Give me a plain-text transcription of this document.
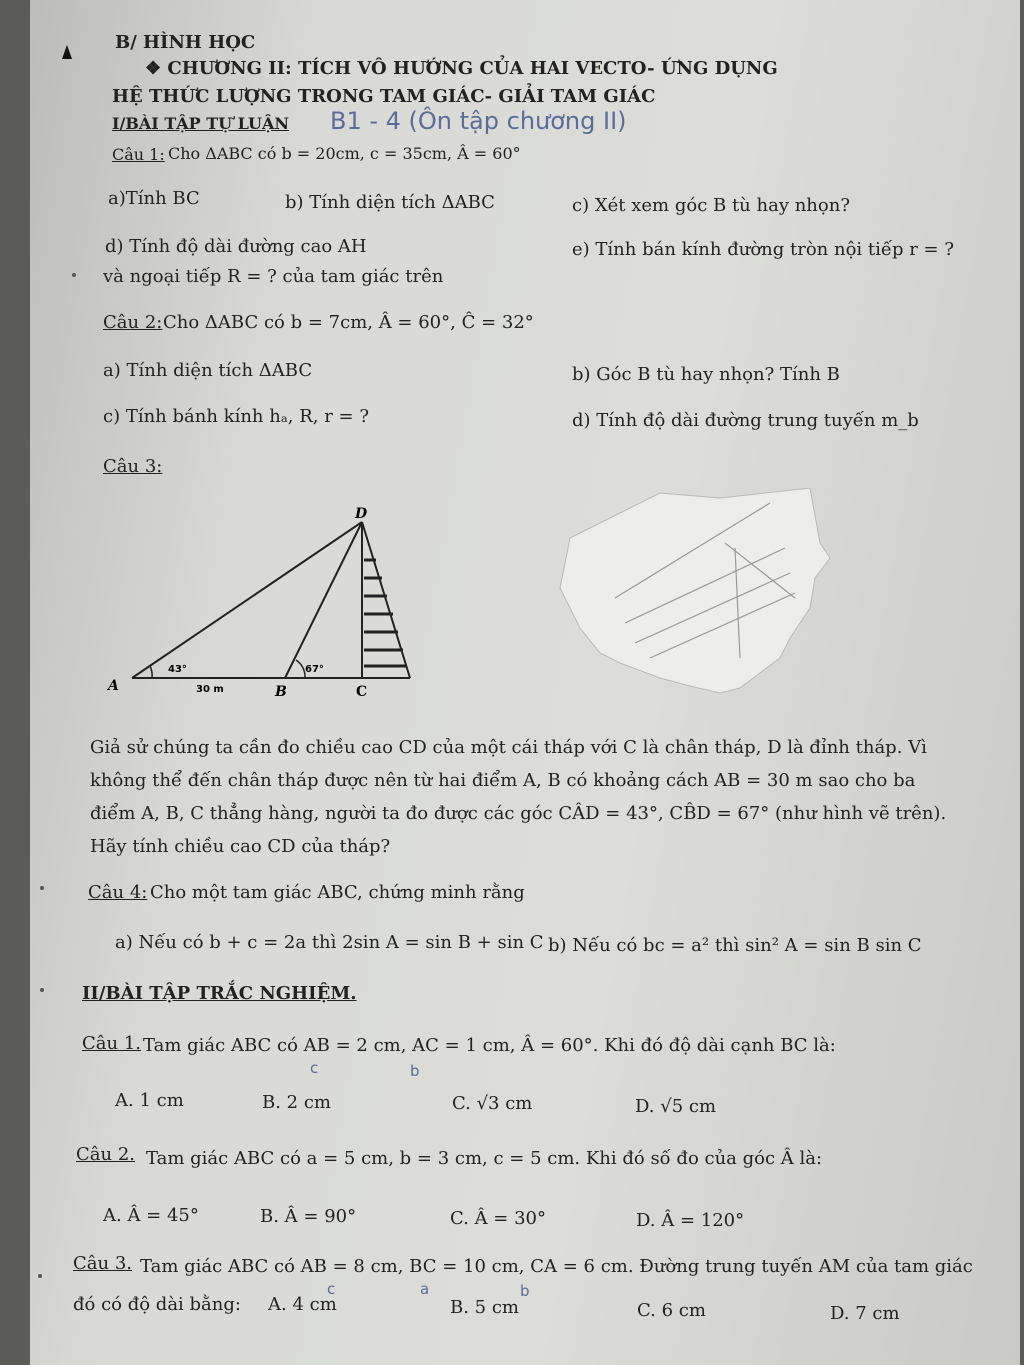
B/ HÌNH HỌC
❖ CHƯƠNG II: TÍCH VÔ HƯỚNG CỦA HAI VECTO- ỨNG DỤNG
HỆ THỨC LƯỢNG TRONG TAM GIÁC- GIẢI TAM GIÁC
I/BÀI TẬP TỰ LUẬN B1 - 4 (Ôn tập chương II)
Câu 1: Cho ΔABC có b = 20cm, c = 35cm, Â = 60°
a)Tính BC	b) Tính diện tích ΔABC	c) Xét xem góc B tù hay nhọn?
d) Tính độ dài đường cao AH	e) Tính bán kính đường tròn nội tiếp r = ?
và ngoại tiếp R = ? của tam giác trên
Câu 2: Cho ΔABC có b = 7cm, Â = 60°, Ĉ = 32°
a) Tính diện tích ΔABC	b) Góc B tù hay nhọn? Tính B
c) Tính bánh kính hₐ, R, r = ?	d) Tính độ dài đường trung tuyến m_b
Câu 3:
D
A	B	C
43°	67°
30 m
Giả sử chúng ta cần đo chiều cao CD của một cái tháp với C là chân tháp, D là đỉnh tháp. Vì không thể đến chân tháp được nên từ hai điểm A, B có khoảng cách AB = 30 m sao cho ba điểm A, B, C thẳng hàng, người ta đo được các góc CÂD = 43°, CB̂D = 67° (như hình vẽ trên). Hãy tính chiều cao CD của tháp?
Câu 4: Cho một tam giác ABC, chứng minh rằng
a) Nếu có b + c = 2a thì 2sin A = sin B + sin C b) Nếu có bc = a² thì sin² A = sin B sin C
II/BÀI TẬP TRẮC NGHIỆM.
Câu 1. Tam giác ABC có AB = 2 cm, AC = 1 cm, Â = 60°. Khi đó độ dài cạnh BC là:
c	b
A. 1 cm	B. 2 cm	C. √3 cm	D. √5 cm
Câu 2. Tam giác ABC có a = 5 cm, b = 3 cm, c = 5 cm. Khi đó số đo của góc Â là:
A. Â = 45°	B. Â = 90°	C. Â = 30°	D. Â = 120°
Câu 3. Tam giác ABC có AB = 8 cm, BC = 10 cm, CA = 6 cm. Đường trung tuyến AM của tam giác
c	a	b
đó có độ dài bằng: A. 4 cm	B. 5 cm	C. 6 cm	D. 7 cm
